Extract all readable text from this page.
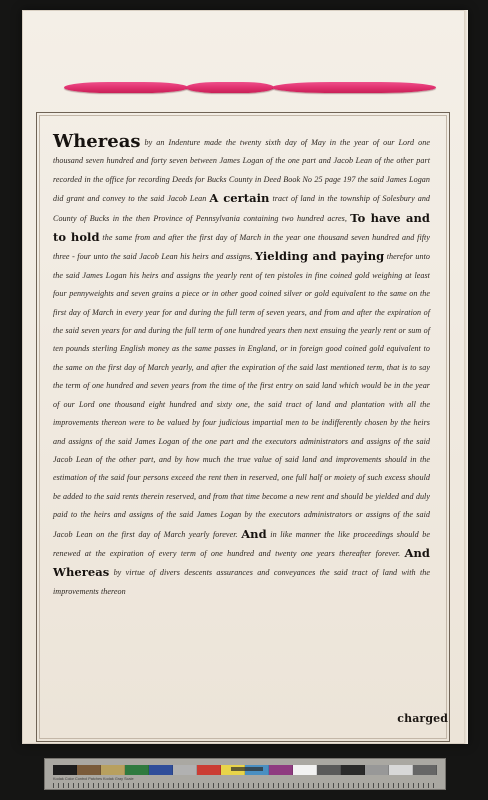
Whereas by an Indenture made the twenty sixth day of May in the year of our Lord one thousand seven hundred and forty seven between James Logan of the one part and Jacob Lean of the other part recorded in the office for recording Deeds for Bucks County in Deed Book No 25 page 197 the said James Logan did grant and convey to the said Jacob Lean A certain tract of land in the township of Solesbury and County of Bucks in the then Province of Pennsylvania containing two hundred acres, To have and to hold the same from and after the first day of March in the year one thousand seven hundred and fifty three - four unto the said Jacob Lean his heirs and assigns, Yielding and paying therefor unto the said James Logan his heirs and assigns the yearly rent of ten pistoles in fine coined gold weighing at least four pennyweights and seven grains a piece or in other good coined silver or gold equivalent to the same on the first day of March in every year for and during the full term of seven years, and from and after the expiration of the said seven years for and during the full term of one hundred years then next ensuing the yearly rent or sum of ten pounds sterling English money as the same passes in England, or in foreign good coined gold equivalent to the same on the first day of March yearly, and after the expiration of the said last mentioned term, that is to say the term of one hundred and seven years from the time of the first entry on said land which would be in the year of our Lord one thousand eight hundred and sixty one, the said tract of land and plantation with all the improvements thereon were to be valued by four judicious impartial men to be indifferently chosen by the heirs and assigns of the said James Logan of the one part and the executors administrators and assigns of the said Jacob Lean of the other part, and by how much the true value of said land and improvements should in the estimation of the said four persons exceed the rent then in reserved, one full half or moiety of such excess should be added to the said rents therein reserved, and from that time become a new rent and should be yielded and duly paid to the heirs and assigns of the said James Logan by the executors administrators or assigns of the said Jacob Lean on the first day of March yearly forever. And in like manner the like proceedings should be renewed at the expiration of every term of one hundred and twenty one years thereafter forever. And Whereas by virtue of divers descents assurances and conveyances the said tract of land with the improvements thereon

charged
Kodak Color Control Patches Kodak Gray Scale
